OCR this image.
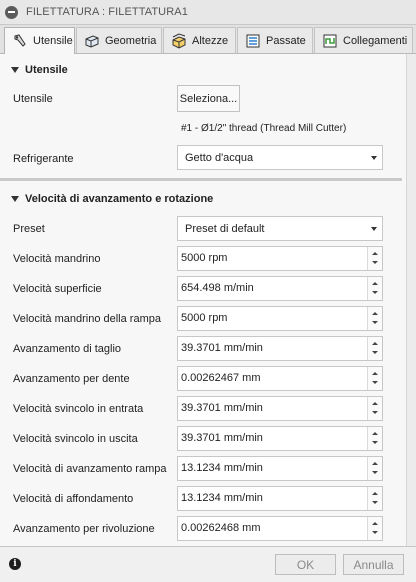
FILETTATURA : FILETTATURA1
Utensile	Geometria	Altezze	Passate	Collegamenti
Utensile
Utensile	Seleziona...
#1 - Ø1/2" thread (Thread Mill Cutter)
Refrigerante	Getto d'acqua
Velocità di avanzamento e rotazione
Preset	Preset di default
Velocità mandrino	5000 rpm
Velocità superficie	654.498 m/min
Velocità mandrino della rampa 5000 rpm
Avanzamento di taglio	39.3701 mm/min
Avanzamento per dente	0.00262467 mm
Velocità svincolo in entrata	39.3701 mm/min
Velocità svincolo in uscita	39.3701 mm/min
Velocità di avanzamento rampa 13.1234 mm/min
Velocità di affondamento	13.1234 mm/min
Avanzamento per rivoluzione 0.00262468 mm
i	OK	Annulla
